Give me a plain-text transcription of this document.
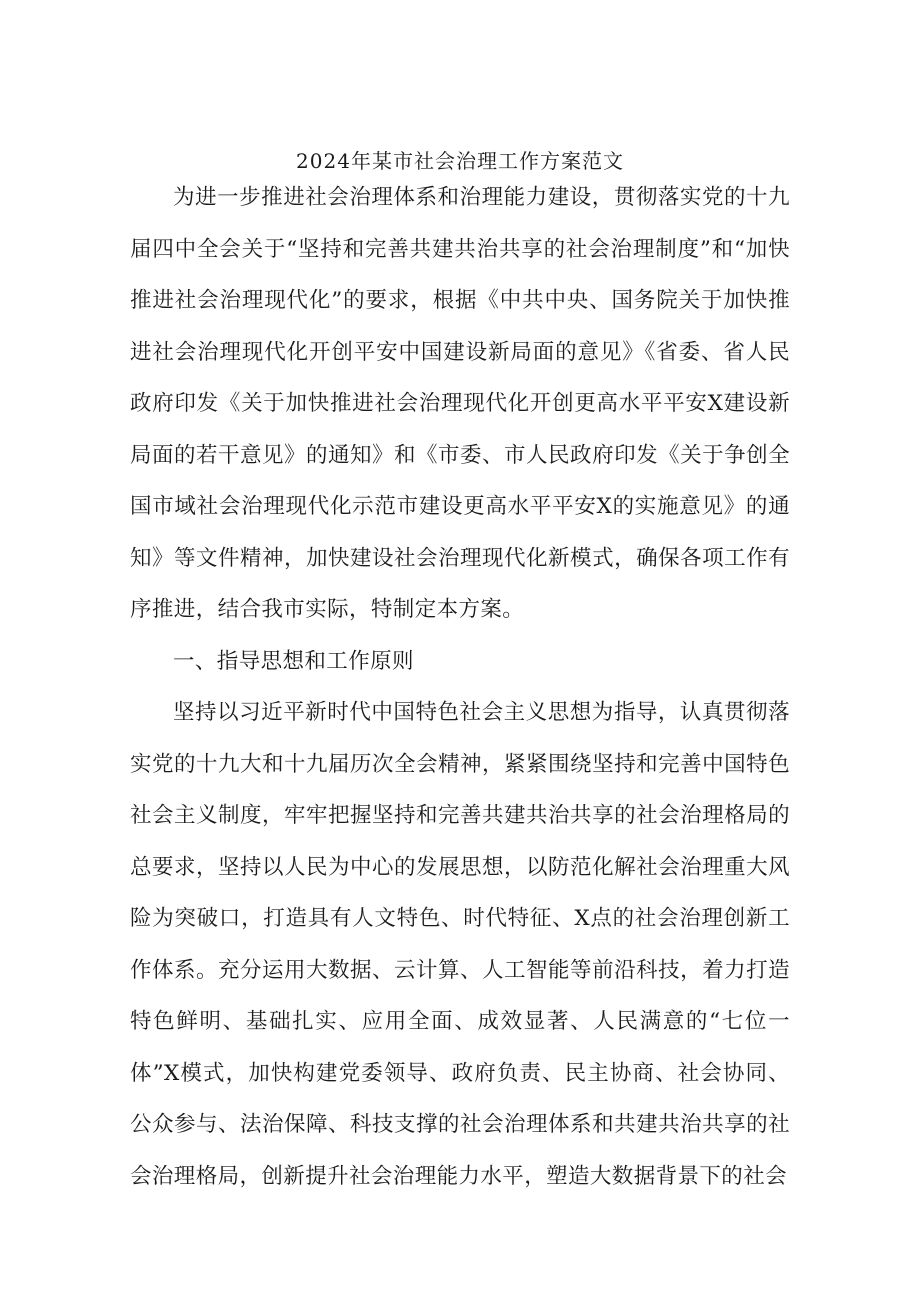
2024年某市社会治理工作方案范文

为进一步推进社会治理体系和治理能力建设，贯彻落实党的十九届四中全会关于“坚持和完善共建共治共享的社会治理制度”和“加快推进社会治理现代化”的要求，根据《中共中央、国务院关于加快推进社会治理现代化开创平安中国建设新局面的意见》《省委、省人民政府印发《关于加快推进社会治理现代化开创更高水平平安X建设新局面的若干意见》的通知》和《市委、市人民政府印发《关于争创全国市域社会治理现代化示范市建设更高水平平安X的实施意见》的通知》等文件精神，加快建设社会治理现代化新模式，确保各项工作有序推进，结合我市实际，特制定本方案。

一、指导思想和工作原则

坚持以习近平新时代中国特色社会主义思想为指导，认真贯彻落实党的十九大和十九届历次全会精神，紧紧围绕坚持和完善中国特色社会主义制度，牢牢把握坚持和完善共建共治共享的社会治理格局的总要求，坚持以人民为中心的发展思想，以防范化解社会治理重大风险为突破口，打造具有人文特色、时代特征、X点的社会治理创新工作体系。充分运用大数据、云计算、人工智能等前沿科技，着力打造特色鲜明、基础扎实、应用全面、成效显著、人民满意的“七位一体”X模式，加快构建党委领导、政府负责、民主协商、社会协同、公众参与、法治保障、科技支撑的社会治理体系和共建共治共享的社会治理格局，创新提升社会治理能力水平，塑造大数据背景下的社会
